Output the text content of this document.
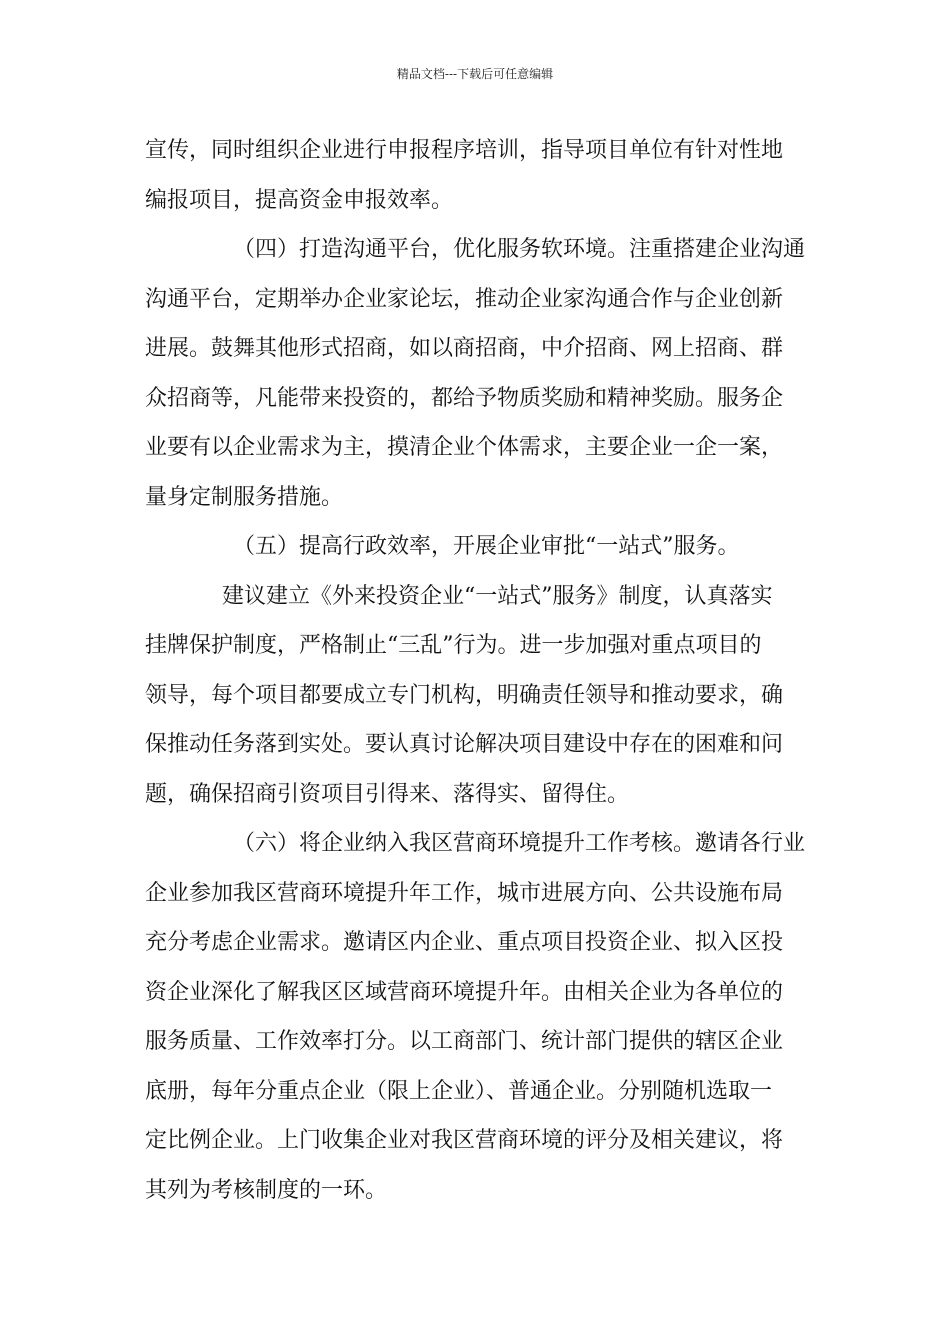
精品文档---下载后可任意编辑
宣传，同时组织企业进行申报程序培训，指导项目单位有针对性地
编报项目，提高资金申报效率。
（四）打造沟通平台，优化服务软环境。注重搭建企业沟通
沟通平台，定期举办企业家论坛，推动企业家沟通合作与企业创新
进展。鼓舞其他形式招商，如以商招商，中介招商、网上招商、群
众招商等，凡能带来投资的，都给予物质奖励和精神奖励。服务企
业要有以企业需求为主，摸清企业个体需求，主要企业一企一案，
量身定制服务措施。
（五）提高行政效率，开展企业审批“一站式”服务。
建议建立《外来投资企业“一站式”服务》制度，认真落实
挂牌保护制度，严格制止“三乱”行为。进一步加强对重点项目的
领导，每个项目都要成立专门机构，明确责任领导和推动要求，确
保推动任务落到实处。要认真讨论解决项目建设中存在的困难和问
题，确保招商引资项目引得来、落得实、留得住。
（六）将企业纳入我区营商环境提升工作考核。邀请各行业
企业参加我区营商环境提升年工作，城市进展方向、公共设施布局
充分考虑企业需求。邀请区内企业、重点项目投资企业、拟入区投
资企业深化了解我区区域营商环境提升年。由相关企业为各单位的
服务质量、工作效率打分。以工商部门、统计部门提供的辖区企业
底册，每年分重点企业（限上企业）、普通企业。分别随机选取一
定比例企业。上门收集企业对我区营商环境的评分及相关建议，将
其列为考核制度的一环。
